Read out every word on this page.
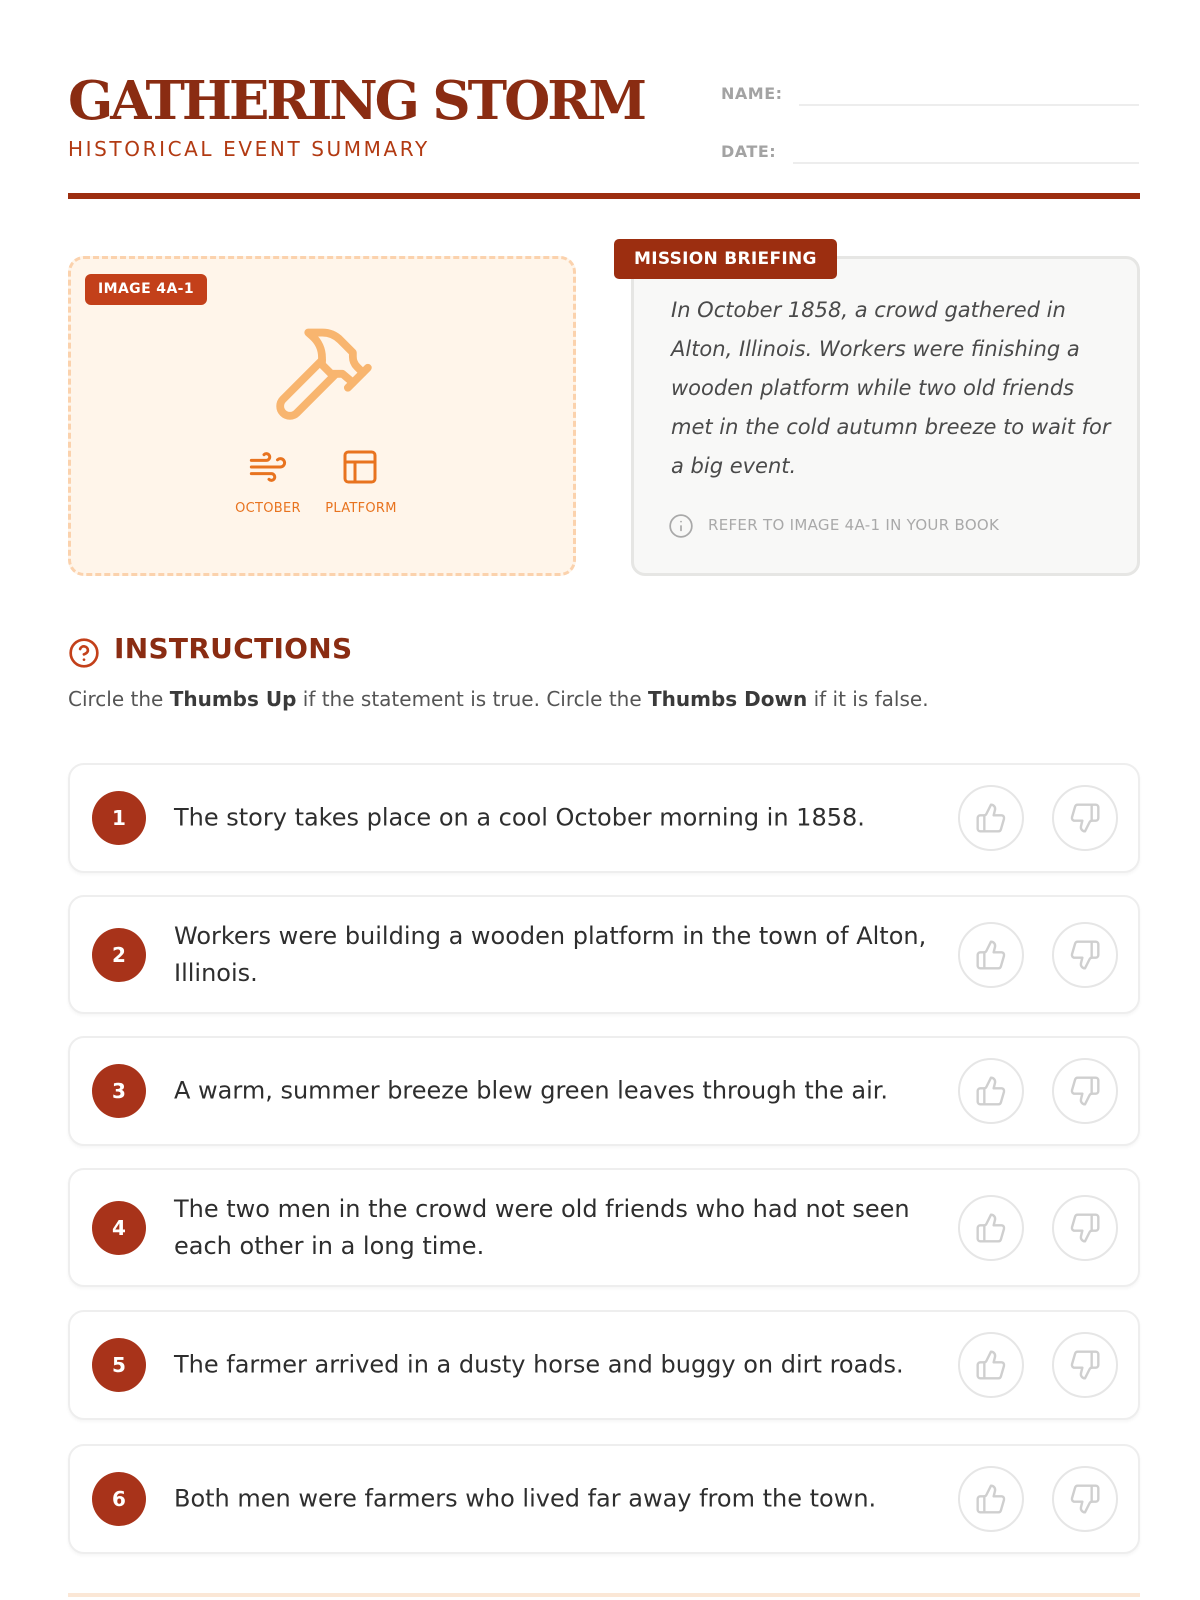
GATHERING STORM
HISTORICAL EVENT SUMMARY
NAME:
DATE:
IMAGE 4A-1
OCTOBER PLATFORM
MISSION BRIEFING

In October 1858, a crowd gathered in Alton, Illinois. Workers were finishing a wooden platform while two old friends met in the cold autumn breeze to wait for a big event.

REFER TO IMAGE 4A-1 IN YOUR BOOK
INSTRUCTIONS
Circle the Thumbs Up if the statement is true. Circle the Thumbs Down if it is false.
1	The story takes place on a cool October morning in 1858.

2

Workers were building a wooden platform in the town of Alton, Illinois.

3	A warm, summer breeze blew green leaves through the air.

4

The two men in the crowd were old friends who had not seen each other in a long time.

5	The farmer arrived in a dusty horse and buggy on dirt roads.

6	Both men were farmers who lived far away from the town.
